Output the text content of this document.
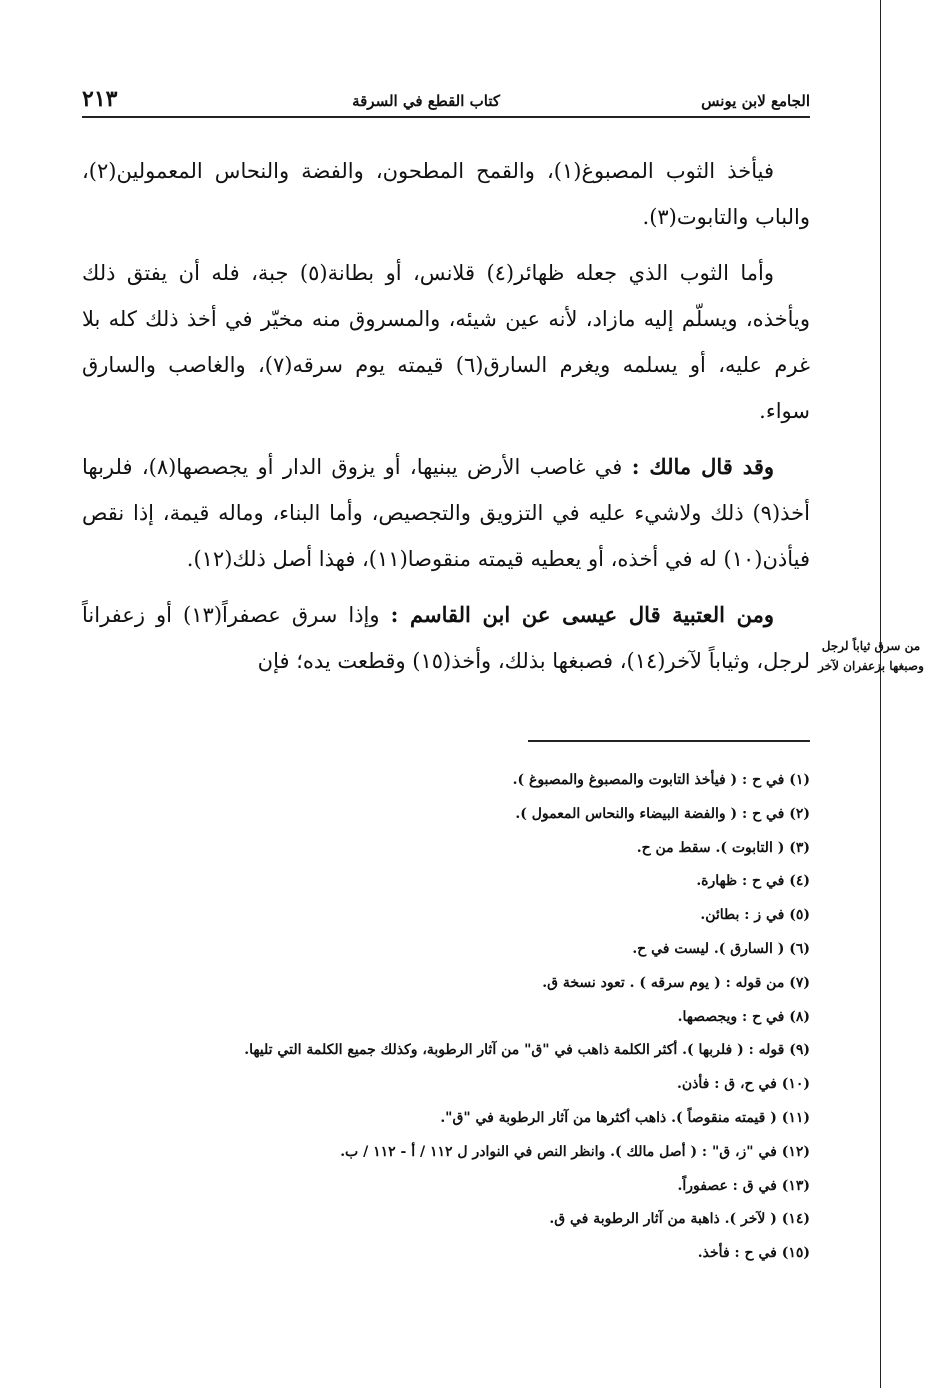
الجامع لابن يونس
كتاب القطع في السرقة
٢١٣

فيأخذ الثوب المصبوغ(١)، والقمح المطحون، والفضة والنحاس المعمولين(٢)، والباب والتابوت(٣).

وأما الثوب الذي جعله ظهائر(٤) قلانس، أو بطانة(٥) جبة، فله أن يفتق ذلك ويأخذه، ويسلّم إليه مازاد، لأنه عين شيئه، والمسروق منه مخيّر في أخذ ذلك كله بلا غرم عليه، أو يسلمه ويغرم السارق(٦) قيمته يوم سرقه(٧)، والغاصب والسارق سواء.

وقد قال مالك : في غاصب الأرض يبنيها، أو يزوق الدار أو يجصصها(٨)، فلربها أخذ(٩) ذلك ولاشيء عليه في التزويق والتجصيص، وأما البناء، وماله قيمة، إذا نقص فيأذن(١٠) له في أخذه، أو يعطيه قيمته منقوصا(١١)، فهذا أصل ذلك(١٢).

ومن العتبية قال عيسى عن ابن القاسم : وإذا سرق عصفراً(١٣) أو زعفراناً لرجل، وثياباً لآخر(١٤)، فصبغها بذلك، وأخذ(١٥) وقطعت يده؛ فإن

من سرق ثياباً لرجل وصبغها بزعفران لآخر
(١) في ح : ( فيأخذ التابوت والمصبوغ والمصبوغ ).
(٢) في ح : ( والفضة البيضاء والنحاس المعمول ).
(٣) ( التابوت ). سقط من ح.
(٤) في ح : ظهارة.
(٥) في ز : بطائن.
(٦) ( السارق ). ليست في ح.
(٧) من قوله : ( يوم سرقه ) . تعود نسخة ق.
(٨) في ح : ويجصصها.
(٩) قوله : ( فلربها ). أكثر الكلمة ذاهب في "ق" من آثار الرطوبة، وكذلك جميع الكلمة التي تليها.
(١٠) في ح، ق : فأذن.
(١١) ( قيمته منقوصاً ). ذاهب أكثرها من آثار الرطوبة في "ق".
(١٢) في "ز، ق" : ( أصل مالك ). وانظر النص في النوادر ل ١١٢ / أ - ١١٢ / ب.
(١٣) في ق : عصفوراً.
(١٤) ( لآخر ). ذاهبة من آثار الرطوبة في ق.
(١٥) في ح : فأخذ.
